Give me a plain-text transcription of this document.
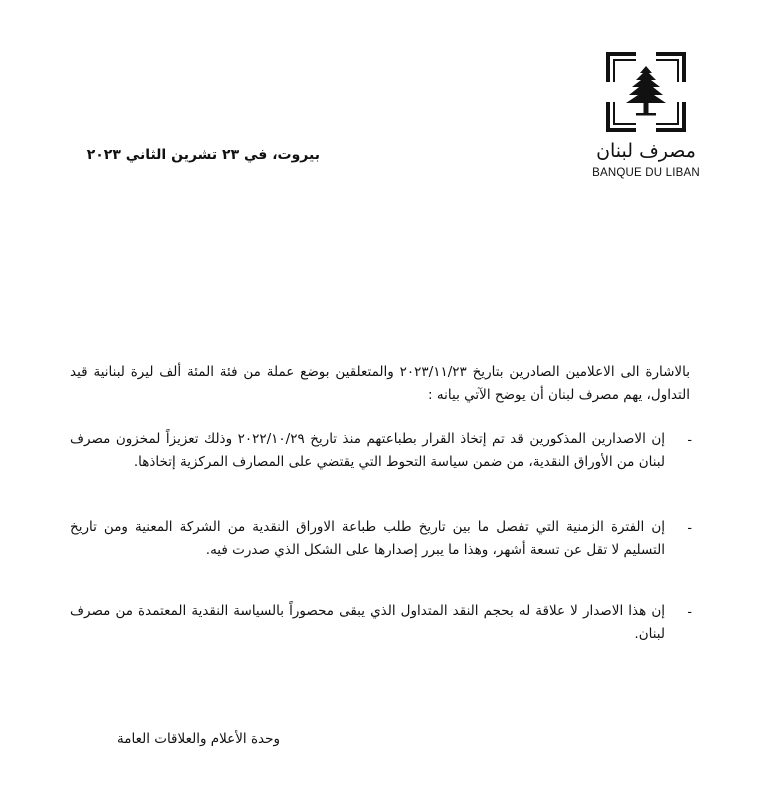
مصرف لبنان
BANQUE DU LIBAN
بيروت، في ٢٣ تشرين الثاني ٢٠٢٣
بالاشارة الى الاعلامين الصادرين بتاريخ ٢٠٢٣/١١/٢٣ والمتعلقين بوضع عملة من فئة المئة ألف ليرة لبنانية قيد التداول، يهم مصرف لبنان أن يوضح الآتي بيانه :
-
إن الاصدارين المذكورين قد تم إتخاذ القرار بطباعتهم منذ تاريخ ٢٠٢٢/١٠/٢٩ وذلك تعزيزاً لمخزون مصرف لبنان من الأوراق النقدية، من ضمن سياسة التحوط التي يقتضي على المصارف المركزية إتخاذها.
-
إن الفترة الزمنية التي تفصل ما بين تاريخ طلب طباعة الاوراق النقدية من الشركة المعنية ومن تاريخ التسليم لا تقل عن تسعة أشهر، وهذا ما يبرر إصدارها على الشكل الذي صدرت فيه.
-
إن هذا الاصدار لا علاقة له بحجم النقد المتداول الذي يبقى محصوراً بالسياسة النقدية المعتمدة من مصرف لبنان.
وحدة الأعلام والعلاقات العامة
